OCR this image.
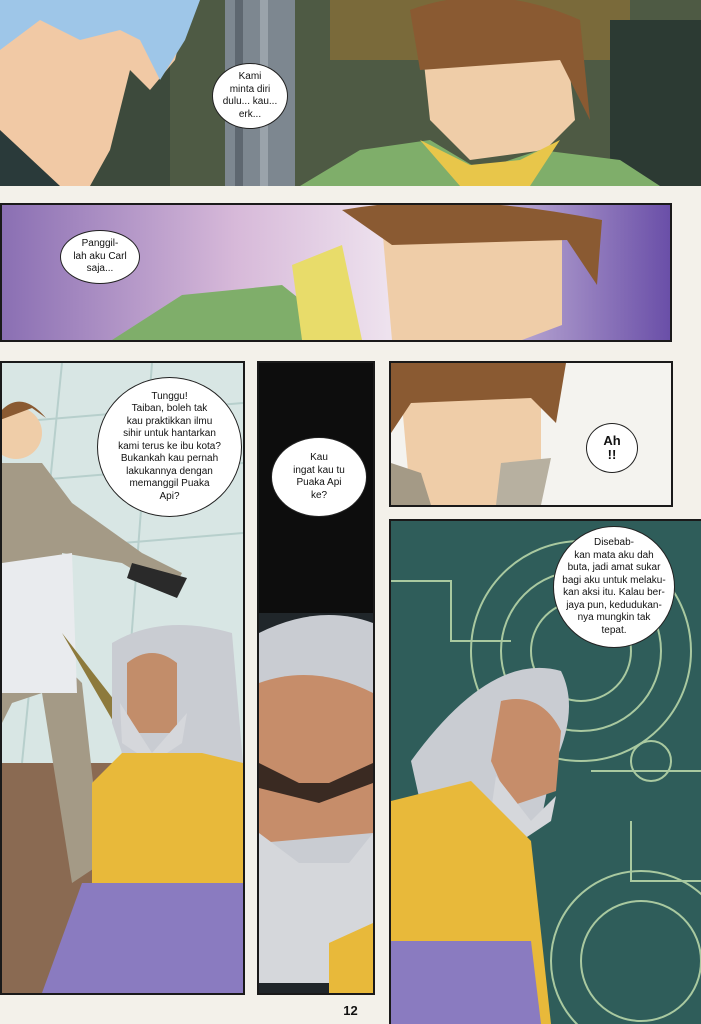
Kami
minta diri
dulu... kau...
erk...
Panggil-
lah aku Carl
saja...
Tunggu!
Taiban, boleh tak
kau praktikkan ilmu
sihir untuk hantarkan
kami terus ke ibu kota?
Bukankah kau pernah
lakukannya dengan
memanggil Puaka
Api?
Kau
ingat kau tu
Puaka Api
ke?
Ah
!!
Disebab-
kan mata aku dah
buta, jadi amat sukar
bagi aku untuk melaku-
kan aksi itu. Kalau ber-
jaya pun, kedudukan-
nya mungkin tak
tepat.
12
